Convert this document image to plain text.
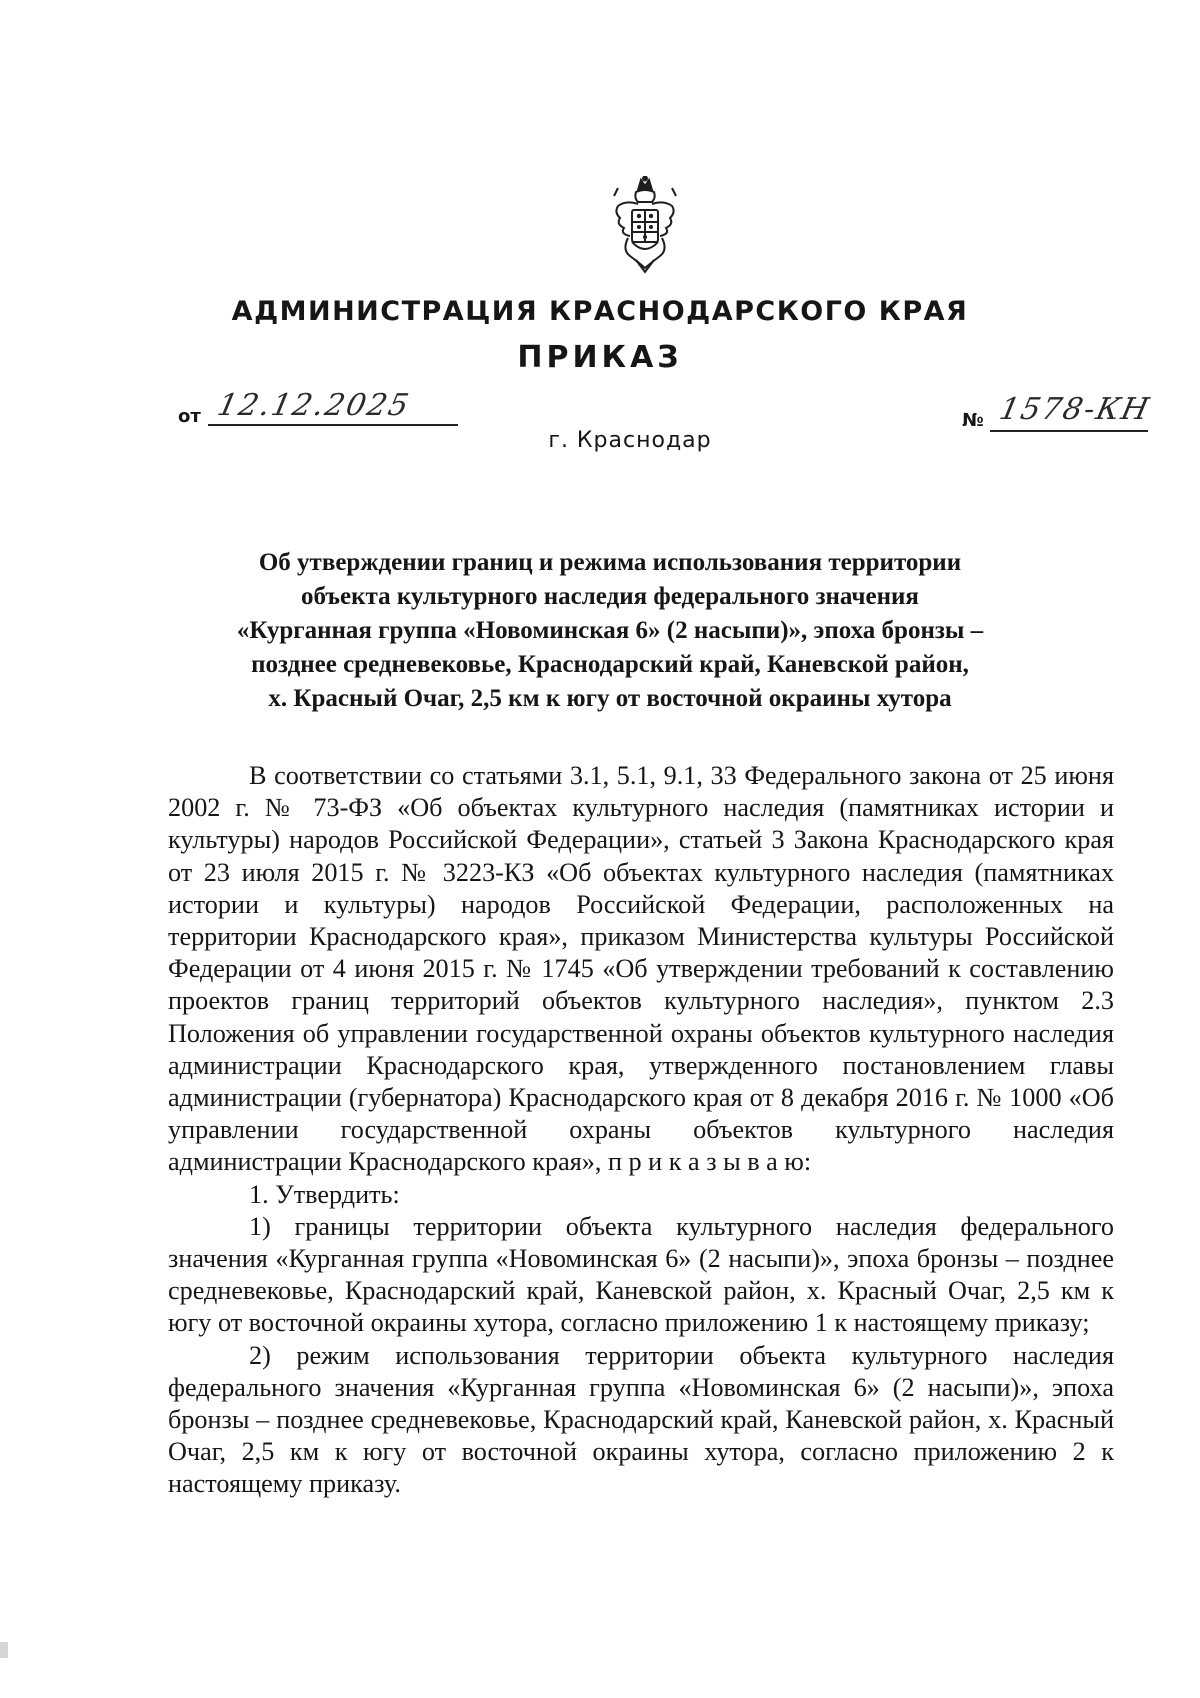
АДМИНИСТРАЦИЯ КРАСНОДАРСКОГО КРАЯ
ПРИКАЗ
от 12.12.2025
г. Краснодар
№ 1578-КН
Об утверждении границ и режима использования территории
объекта культурного наследия федерального значения
«Курганная группа «Новоминская 6» (2 насыпи)», эпоха бронзы –
позднее средневековье, Краснодарский край, Каневской район,
х. Красный Очаг, 2,5 км к югу от восточной окраины хутора

В соответствии со статьями 3.1, 5.1, 9.1, 33 Федерального закона от 25 июня 2002 г. № 73-ФЗ «Об объектах культурного наследия (памятниках истории и культуры) народов Российской Федерации», статьей 3 Закона Краснодарского края от 23 июля 2015 г. № 3223-КЗ «Об объектах культурного наследия (памятниках истории и культуры) народов Российской Федерации, расположенных на территории Краснодарского края», приказом Министерства культуры Российской Федерации от 4 июня 2015 г. № 1745 «Об утверждении требований к составлению проектов границ территорий объектов культурного наследия», пунктом 2.3 Положения об управлении государственной охраны объектов культурного наследия администрации Краснодарского края, утвержденного постановлением главы администрации (губернатора) Краснодарского края от 8 декабря 2016 г. № 1000 «Об управлении государственной охраны объектов культурного наследия администрации Краснодарского края», п р и к а з ы в а ю:

1. Утвердить:

1) границы территории объекта культурного наследия федерального значения «Курганная группа «Новоминская 6» (2 насыпи)», эпоха бронзы – позднее средневековье, Краснодарский край, Каневской район, х. Красный Очаг, 2,5 км к югу от восточной окраины хутора, согласно приложению 1 к настоящему приказу;

2) режим использования территории объекта культурного наследия федерального значения «Курганная группа «Новоминская 6» (2 насыпи)», эпоха бронзы – позднее средневековье, Краснодарский край, Каневской район, х. Красный Очаг, 2,5 км к югу от восточной окраины хутора, согласно приложению 2 к настоящему приказу.
